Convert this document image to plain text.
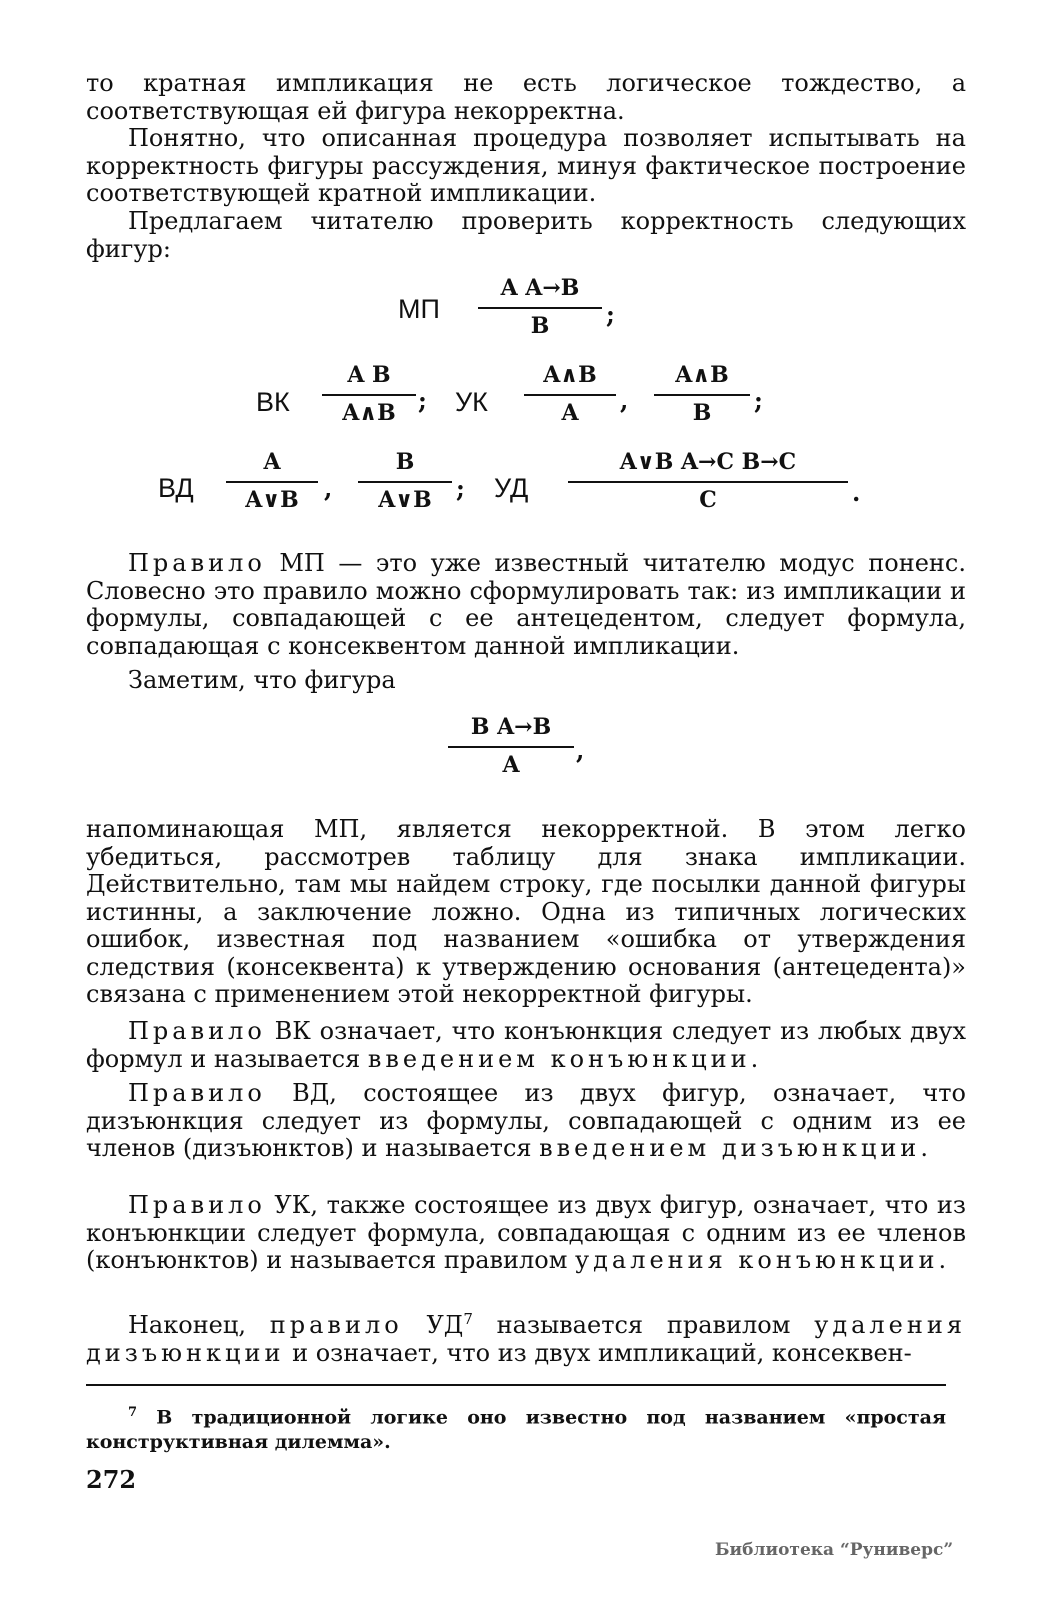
то кратная импликация не есть логическое тождество, а соответствующая ей фигура некорректна.

Понятно, что описанная процедура позволяет испытывать на корректность фигуры рассуждения, минуя фактическое построение соответствующей кратной импликации.

Предлагаем читателю проверить корректность следующих фигур:

МП $\frac{\text{A A→B}}{B}$ ;
ВК $\frac{\text{A B}}{A\wedge B}$ ; УК $\frac{A\wedge B}{A}$ , $\frac{A\wedge B}{B}$ ;
ВД $\frac{A}{A\vee B}$ , $\frac{B}{A\vee B}$ ; УД $\frac{\text{A∨B A→C B→C}}{C}$ .

Правило МП — это уже известный читателю модус поненс. Словесно это правило можно сформулировать так: из импликации и формулы, совпадающей с ее антецедентом, следует формула, совпадающая с консеквентом данной импликации.

Заметим, что фигура

$\frac{\text{B A→B}}{A}$ ,

напоминающая МП, является некорректной. В этом легко убедиться, рассмотрев таблицу для знака импликации. Действительно, там мы найдем строку, где посылки данной фигуры истинны, а заключение ложно. Одна из типичных логических ошибок, известная под названием «ошибка от утверждения следствия (консеквента) к утверждению основания (антецедента)» связана с применением этой некорректной фигуры.

Правило ВК означает, что конъюнкция следует из любых двух формул и называется введением конъюнкции.

Правило ВД, состоящее из двух фигур, означает, что дизъюнкция следует из формулы, совпадающей с одним из ее членов (дизъюнктов) и называется введением дизъюнкции.

Правило УК, также состоящее из двух фигур, означает, что из конъюнкции следует формула, совпадающая с одним из ее членов (конъюнктов) и называется правилом удаления конъюнкции.

Наконец, правило $УД^7$ называется правилом удаления дизъюнкции и означает, что из двух импликаций, консеквен-

$^7$ В традиционной логике оно известно под названием «простая конструктивная дилемма».

272
Библиотека “Руниверс”
